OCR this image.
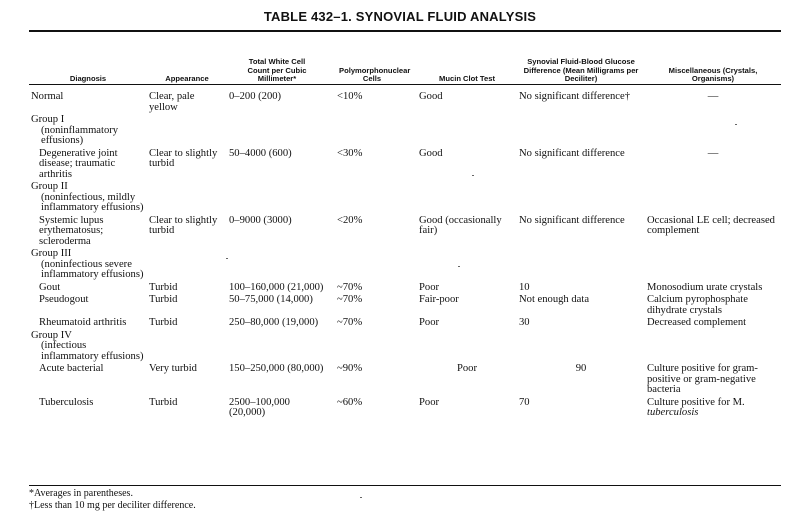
TABLE 432–1. SYNOVIAL FLUID ANALYSIS
Diagnosis	Appearance	Total White Cell Count per Cubic Millimeter*	Polymorphonuclear Cells	Mucin Clot Test	Synovial Fluid-Blood Glucose Difference (Mean Milligrams per Deciliter)	Miscellaneous (Crystals, Organisms)
Normal	Clear, pale yellow	0–200 (200)	<10%	Good	No significant difference†	—
Group I
(noninflammatory effusions)						

Degenerative joint disease; traumatic arthritis	Clear to slightly turbid	50–4000 (600)	<30%	Good	No significant difference	—
Group II
(noninfectious, mildly inflammatory effusions)						

Systemic lupus erythematosus; scleroderma	Clear to slightly turbid	0–9000 (3000)	<20%	Good (occasionally fair)	No significant difference	Occasional LE cell; decreased complement
Group III
(noninfectious severe inflammatory effusions)						

Gout	Turbid	100–160,000 (21,000)	~70%	Poor	10	Monosodium urate crystals
Pseudogout	Turbid	50–75,000 (14,000)	~70%	Fair-poor	Not enough data	Calcium pyrophosphate dihydrate crystals
Rheumatoid arthritis	Turbid	250–80,000 (19,000)	~70%	Poor	30	Decreased complement
Group IV
(infectious inflammatory effusions)						

Acute bacterial	Very turbid	150–250,000 (80,000)	~90%	Poor	90	Culture positive for gram-positive or gram-negative bacteria
Tuberculosis	Turbid	2500–100,000 (20,000)	~60%	Poor	70	Culture positive for M. tuberculosis
*Averages in parentheses.
†Less than 10 mg per deciliter difference.
